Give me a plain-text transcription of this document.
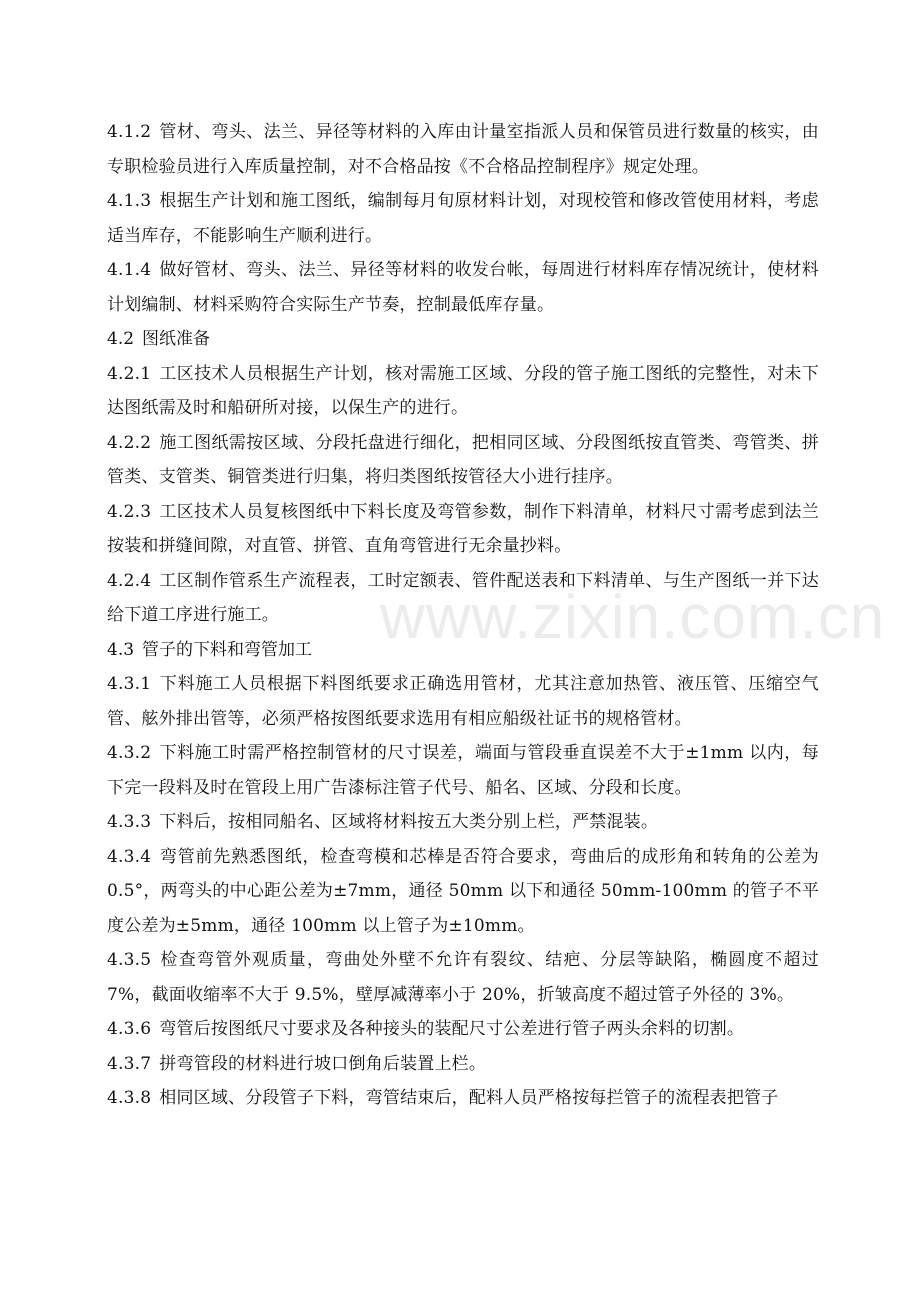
4.1.2 管材、弯头、法兰、异径等材料的入库由计量室指派人员和保管员进行数量的核实，由专职检验员进行入库质量控制，对不合格品按《不合格品控制程序》规定处理。

4.1.3 根据生产计划和施工图纸，编制每月旬原材料计划，对现校管和修改管使用材料，考虑适当库存，不能影响生产顺利进行。

4.1.4 做好管材、弯头、法兰、异径等材料的收发台帐，每周进行材料库存情况统计，使材料计划编制、材料采购符合实际生产节奏，控制最低库存量。

4.2 图纸准备

4.2.1 工区技术人员根据生产计划，核对需施工区域、分段的管子施工图纸的完整性，对未下达图纸需及时和船研所对接，以保生产的进行。

4.2.2 施工图纸需按区域、分段托盘进行细化，把相同区域、分段图纸按直管类、弯管类、拼管类、支管类、铜管类进行归集，将归类图纸按管径大小进行挂序。

4.2.3 工区技术人员复核图纸中下料长度及弯管参数，制作下料清单，材料尺寸需考虑到法兰按装和拼缝间隙，对直管、拼管、直角弯管进行无余量抄料。

4.2.4 工区制作管系生产流程表，工时定额表、管件配送表和下料清单、与生产图纸一并下达给下道工序进行施工。

4.3 管子的下料和弯管加工

4.3.1 下料施工人员根据下料图纸要求正确选用管材，尤其注意加热管、液压管、压缩空气管、舷外排出管等，必须严格按图纸要求选用有相应船级社证书的规格管材。

4.3.2 下料施工时需严格控制管材的尺寸误差，端面与管段垂直误差不大于±1mm 以内，每下完一段料及时在管段上用广告漆标注管子代号、船名、区域、分段和长度。

4.3.3 下料后，按相同船名、区域将材料按五大类分别上栏，严禁混装。

4.3.4 弯管前先熟悉图纸，检查弯模和芯棒是否符合要求，弯曲后的成形角和转角的公差为 0.5°，两弯头的中心距公差为±7mm，通径 50mm 以下和通径 50mm-100mm 的管子不平度公差为±5mm，通径 100mm 以上管子为±10mm。

4.3.5 检查弯管外观质量，弯曲处外壁不允许有裂纹、结疤、分层等缺陷，椭圆度不超过 7%，截面收缩率不大于 9.5%，壁厚减薄率小于 20%，折皱高度不超过管子外径的 3%。

4.3.6 弯管后按图纸尺寸要求及各种接头的装配尺寸公差进行管子两头余料的切割。

4.3.7 拼弯管段的材料进行坡口倒角后装置上栏。

4.3.8 相同区域、分段管子下料，弯管结束后，配料人员严格按每拦管子的流程表把管子

www.zixin.com.cn
